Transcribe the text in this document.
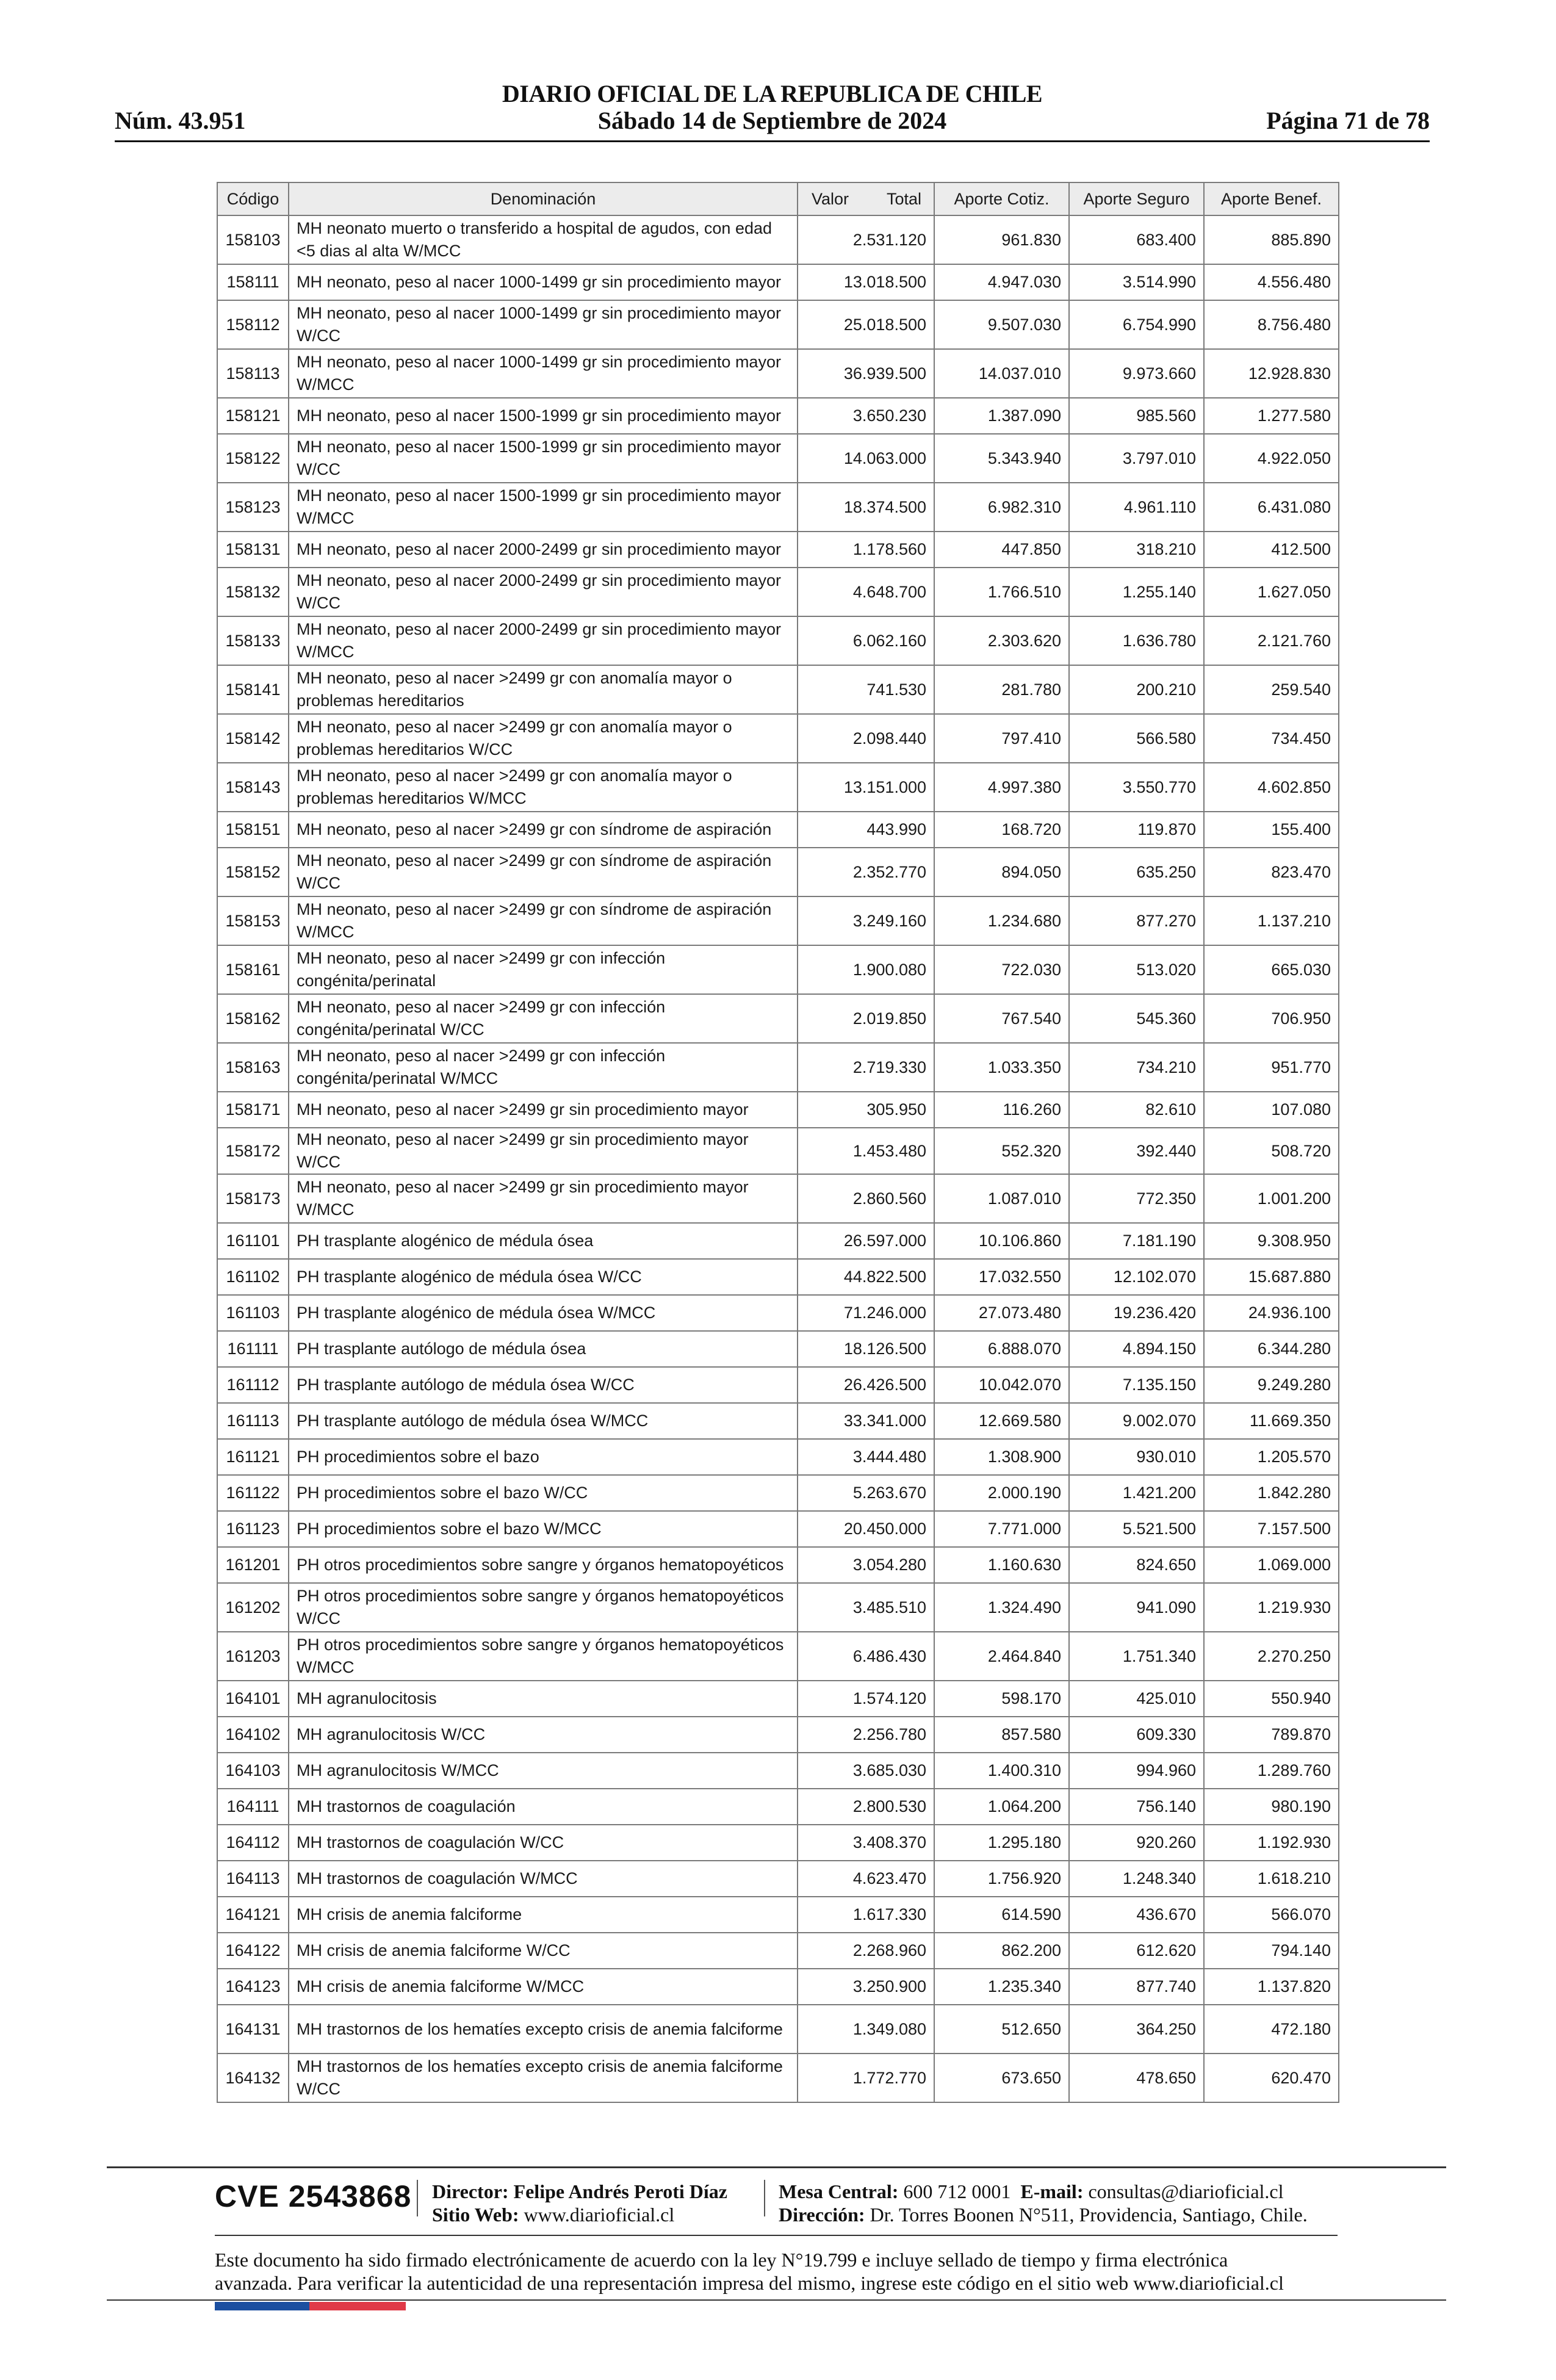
DIARIO OFICIAL DE LA REPUBLICA DE CHILE
Núm. 43.951	Sábado 14 de Septiembre de 2024	Página 71 de 78
Código	Denominación	Valor Total	Aporte Cotiz.	Aporte Seguro	Aporte Benef.
158103	MH neonato muerto o transferido a hospital de agudos, con edad <5 dias al alta W/MCC	2.531.120	961.830	683.400	885.890
158111	MH neonato, peso al nacer 1000-1499 gr sin procedimiento mayor	13.018.500	4.947.030	3.514.990	4.556.480
158112	MH neonato, peso al nacer 1000-1499 gr sin procedimiento mayor W/CC	25.018.500	9.507.030	6.754.990	8.756.480
158113	MH neonato, peso al nacer 1000-1499 gr sin procedimiento mayor W/MCC	36.939.500	14.037.010	9.973.660	12.928.830
158121	MH neonato, peso al nacer 1500-1999 gr sin procedimiento mayor	3.650.230	1.387.090	985.560	1.277.580
158122	MH neonato, peso al nacer 1500-1999 gr sin procedimiento mayor W/CC	14.063.000	5.343.940	3.797.010	4.922.050
158123	MH neonato, peso al nacer 1500-1999 gr sin procedimiento mayor W/MCC	18.374.500	6.982.310	4.961.110	6.431.080
158131	MH neonato, peso al nacer 2000-2499 gr sin procedimiento mayor	1.178.560	447.850	318.210	412.500
158132	MH neonato, peso al nacer 2000-2499 gr sin procedimiento mayor W/CC	4.648.700	1.766.510	1.255.140	1.627.050
158133	MH neonato, peso al nacer 2000-2499 gr sin procedimiento mayor W/MCC	6.062.160	2.303.620	1.636.780	2.121.760
158141	MH neonato, peso al nacer >2499 gr con anomalía mayor o problemas hereditarios	741.530	281.780	200.210	259.540
158142	MH neonato, peso al nacer >2499 gr con anomalía mayor o problemas hereditarios W/CC	2.098.440	797.410	566.580	734.450
158143	MH neonato, peso al nacer >2499 gr con anomalía mayor o problemas hereditarios W/MCC	13.151.000	4.997.380	3.550.770	4.602.850
158151	MH neonato, peso al nacer >2499 gr con síndrome de aspiración	443.990	168.720	119.870	155.400
158152	MH neonato, peso al nacer >2499 gr con síndrome de aspiración W/CC	2.352.770	894.050	635.250	823.470
158153	MH neonato, peso al nacer >2499 gr con síndrome de aspiración W/MCC	3.249.160	1.234.680	877.270	1.137.210
158161	MH neonato, peso al nacer >2499 gr con infección congénita/perinatal	1.900.080	722.030	513.020	665.030
158162	MH neonato, peso al nacer >2499 gr con infección congénita/perinatal W/CC	2.019.850	767.540	545.360	706.950
158163	MH neonato, peso al nacer >2499 gr con infección congénita/perinatal W/MCC	2.719.330	1.033.350	734.210	951.770
158171	MH neonato, peso al nacer >2499 gr sin procedimiento mayor	305.950	116.260	82.610	107.080
158172	MH neonato, peso al nacer >2499 gr sin procedimiento mayor W/CC	1.453.480	552.320	392.440	508.720
158173	MH neonato, peso al nacer >2499 gr sin procedimiento mayor W/MCC	2.860.560	1.087.010	772.350	1.001.200
161101	PH trasplante alogénico de médula ósea	26.597.000	10.106.860	7.181.190	9.308.950
161102	PH trasplante alogénico de médula ósea W/CC	44.822.500	17.032.550	12.102.070	15.687.880
161103	PH trasplante alogénico de médula ósea W/MCC	71.246.000	27.073.480	19.236.420	24.936.100
161111	PH trasplante autólogo de médula ósea	18.126.500	6.888.070	4.894.150	6.344.280
161112	PH trasplante autólogo de médula ósea W/CC	26.426.500	10.042.070	7.135.150	9.249.280
161113	PH trasplante autólogo de médula ósea W/MCC	33.341.000	12.669.580	9.002.070	11.669.350
161121	PH procedimientos sobre el bazo	3.444.480	1.308.900	930.010	1.205.570
161122	PH procedimientos sobre el bazo W/CC	5.263.670	2.000.190	1.421.200	1.842.280
161123	PH procedimientos sobre el bazo W/MCC	20.450.000	7.771.000	5.521.500	7.157.500
161201	PH otros procedimientos sobre sangre y órganos hematopoyéticos	3.054.280	1.160.630	824.650	1.069.000
161202	PH otros procedimientos sobre sangre y órganos hematopoyéticos W/CC	3.485.510	1.324.490	941.090	1.219.930
161203	PH otros procedimientos sobre sangre y órganos hematopoyéticos W/MCC	6.486.430	2.464.840	1.751.340	2.270.250
164101	MH agranulocitosis	1.574.120	598.170	425.010	550.940
164102	MH agranulocitosis W/CC	2.256.780	857.580	609.330	789.870
164103	MH agranulocitosis W/MCC	3.685.030	1.400.310	994.960	1.289.760
164111	MH trastornos de coagulación	2.800.530	1.064.200	756.140	980.190
164112	MH trastornos de coagulación W/CC	3.408.370	1.295.180	920.260	1.192.930
164113	MH trastornos de coagulación W/MCC	4.623.470	1.756.920	1.248.340	1.618.210
164121	MH crisis de anemia falciforme	1.617.330	614.590	436.670	566.070
164122	MH crisis de anemia falciforme W/CC	2.268.960	862.200	612.620	794.140
164123	MH crisis de anemia falciforme W/MCC	3.250.900	1.235.340	877.740	1.137.820
164131	MH trastornos de los hematíes excepto crisis de anemia falciforme	1.349.080	512.650	364.250	472.180
164132	MH trastornos de los hematíes excepto crisis de anemia falciforme W/CC	1.772.770	673.650	478.650	620.470
CVE 2543868 Director: Felipe Andrés Peroti Díaz
Sitio Web: www.diarioficial.cl
Mesa Central: 600 712 0001 E-mail: consultas@diarioficial.cl
Dirección: Dr. Torres Boonen N°511, Providencia, Santiago, Chile.
Este documento ha sido firmado electrónicamente de acuerdo con la ley N°19.799 e incluye sellado de tiempo y firma electrónica
avanzada. Para verificar la autenticidad de una representación impresa del mismo, ingrese este código en el sitio web www.diarioficial.cl
